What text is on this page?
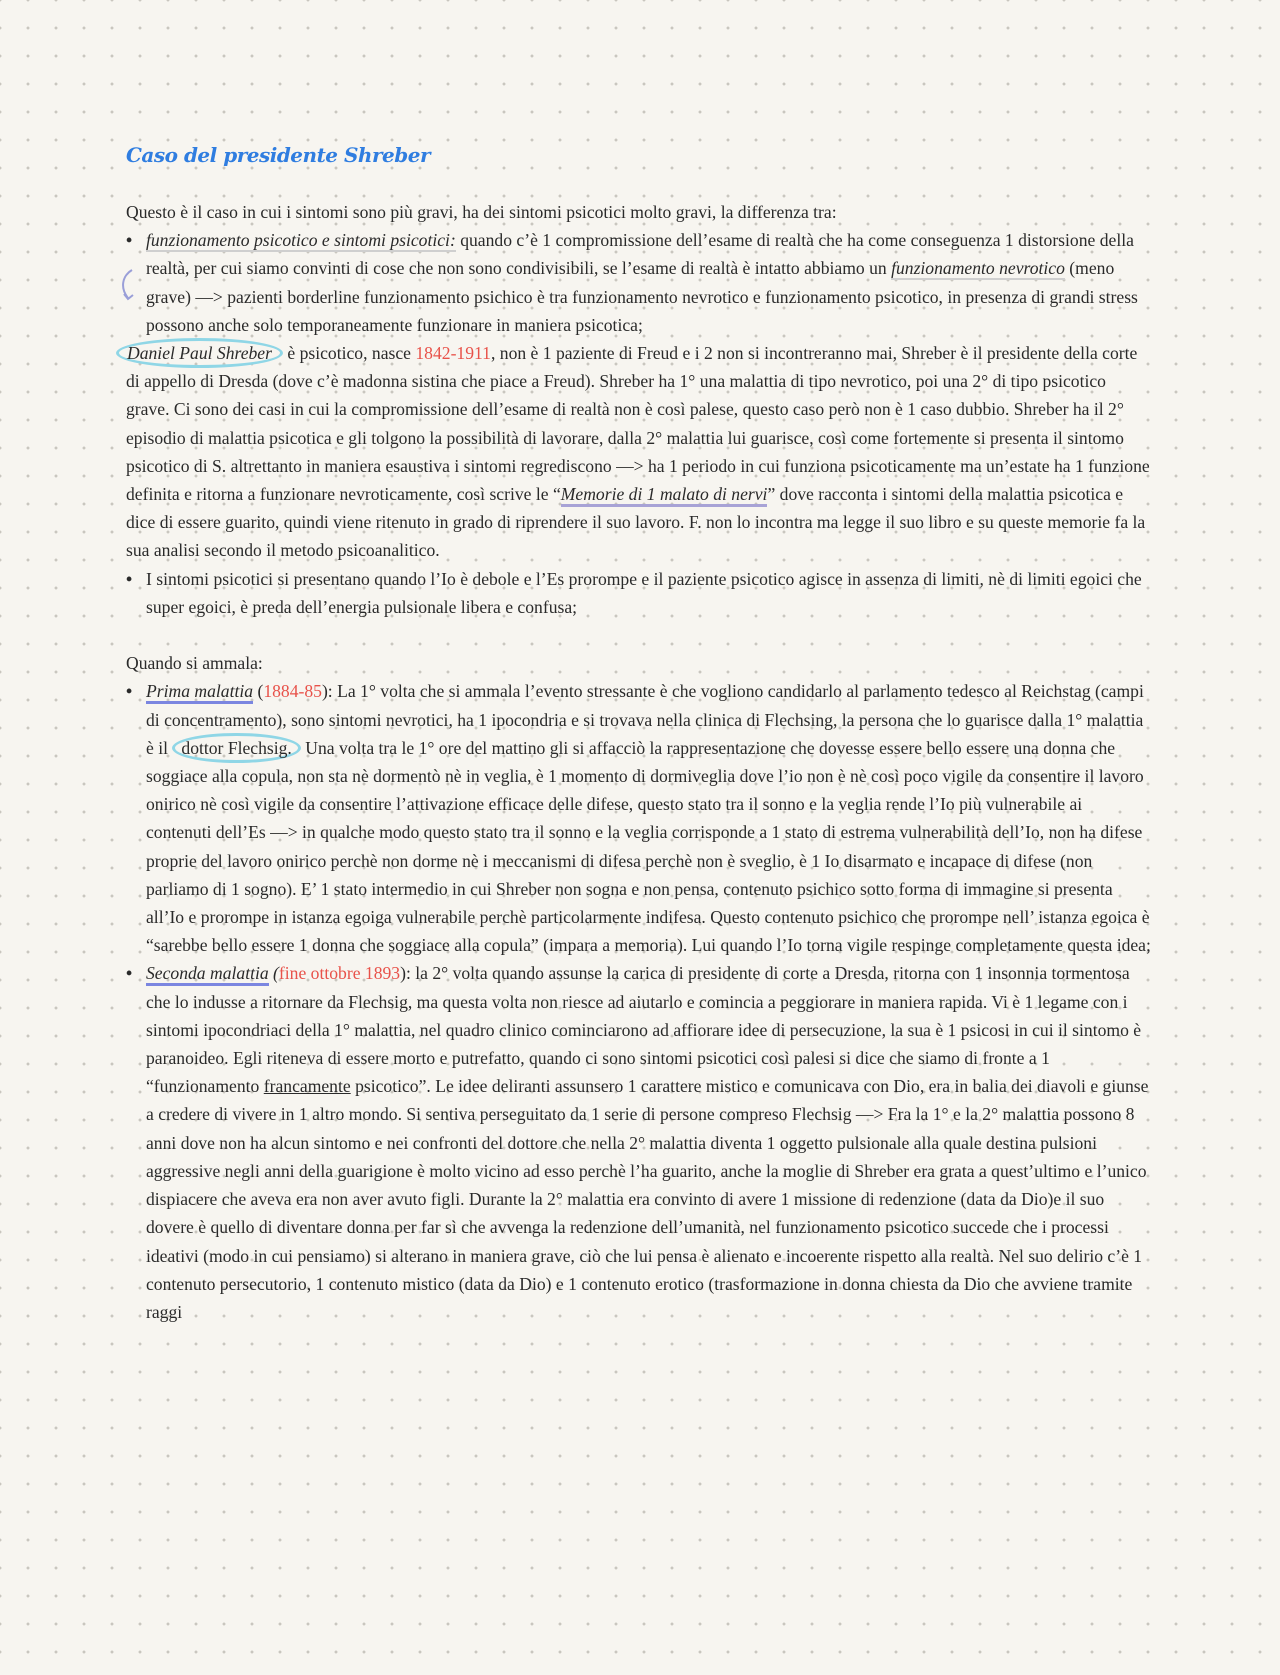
Caso del presidente Shreber

Questo è il caso in cui i sintomi sono più gravi, ha dei sintomi psicotici molto gravi, la differenza tra:

• funzionamento psicotico e sintomi psicotici: quando c’è 1 compromissione dell’esame di realtà che ha come conseguenza 1 distorsione della realtà, per cui siamo convinti di cose che non sono condivisibili, se l’esame di realtà è intatto abbiamo un funzionamento nevrotico (meno grave) —> pazienti borderline funzionamento psichico è tra funzionamento nevrotico e funzionamento psicotico, in presenza di grandi stress possono anche solo temporaneamente funzionare in maniera psicotica;

Daniel Paul Shreber è psicotico, nasce 1842-1911, non è 1 paziente di Freud e i 2 non si incontreranno mai, Shreber è il presidente della corte di appello di Dresda (dove c’è madonna sistina che piace a Freud). Shreber ha 1° una malattia di tipo nevrotico, poi una 2° di tipo psicotico grave. Ci sono dei casi in cui la compromissione dell’esame di realtà non è così palese, questo caso però non è 1 caso dubbio. Shreber ha il 2° episodio di malattia psicotica e gli tolgono la possibilità di lavorare, dalla 2° malattia lui guarisce, così come fortemente si presenta il sintomo psicotico di S. altrettanto in maniera esaustiva i sintomi regrediscono —> ha 1 periodo in cui funziona psicoticamente ma un’estate ha 1 funzione definita e ritorna a funzionare nevroticamente, così scrive le “Memorie di 1 malato di nervi” dove racconta i sintomi della malattia psicotica e dice di essere guarito, quindi viene ritenuto in grado di riprendere il suo lavoro. F. non lo incontra ma legge il suo libro e su queste memorie fa la sua analisi secondo il metodo psicoanalitico.

• I sintomi psicotici si presentano quando l’Io è debole e l’Es prorompe e il paziente psicotico agisce in assenza di limiti, nè di limiti egoici che super egoici, è preda dell’energia pulsionale libera e confusa;

Quando si ammala:

• Prima malattia (1884-85): La 1° volta che si ammala l’evento stressante è che vogliono candidarlo al parlamento tedesco al Reichstag (campi di concentramento), sono sintomi nevrotici, ha 1 ipocondria e si trovava nella clinica di Flechsing, la persona che lo guarisce dalla 1° malattia è il dottor Flechsig. Una volta tra le 1° ore del mattino gli si affacciò la rappresentazione che dovesse essere bello essere una donna che soggiace alla copula, non sta nè dormentò nè in veglia, è 1 momento di dormiveglia dove l’io non è nè così poco vigile da consentire il lavoro onirico nè così vigile da consentire l’attivazione efficace delle difese, questo stato tra il sonno e la veglia rende l’Io più vulnerabile ai contenuti dell’Es —> in qualche modo questo stato tra il sonno e la veglia corrisponde a 1 stato di estrema vulnerabilità dell’Io, non ha difese proprie del lavoro onirico perchè non dorme nè i meccanismi di difesa perchè non è sveglio, è 1 Io disarmato e incapace di difese (non parliamo di 1 sogno). E’ 1 stato intermedio in cui Shreber non sogna e non pensa, contenuto psichico sotto forma di immagine si presenta all’Io e prorompe in istanza egoiga vulnerabile perchè particolarmente indifesa. Questo contenuto psichico che prorompe nell’ istanza egoica è “sarebbe bello essere 1 donna che soggiace alla copula” (impara a memoria). Lui quando l’Io torna vigile respinge completamente questa idea;

• Seconda malattia (fine ottobre 1893): la 2° volta quando assunse la carica di presidente di corte a Dresda, ritorna con 1 insonnia tormentosa che lo indusse a ritornare da Flechsig, ma questa volta non riesce ad aiutarlo e comincia a peggiorare in maniera rapida. Vi è 1 legame con i sintomi ipocondriaci della 1° malattia, nel quadro clinico cominciarono ad affiorare idee di persecuzione, la sua è 1 psicosi in cui il sintomo è paranoideo. Egli riteneva di essere morto e putrefatto, quando ci sono sintomi psicotici così palesi si dice che siamo di fronte a 1 “funzionamento francamente psicotico”. Le idee deliranti assunsero 1 carattere mistico e comunicava con Dio, era in balia dei diavoli e giunse a credere di vivere in 1 altro mondo. Si sentiva perseguitato da 1 serie di persone compreso Flechsig —> Fra la 1° e la 2° malattia possono 8 anni dove non ha alcun sintomo e nei confronti del dottore che nella 2° malattia diventa 1 oggetto pulsionale alla quale destina pulsioni aggressive negli anni della guarigione è molto vicino ad esso perchè l’ha guarito, anche la moglie di Shreber era grata a quest’ultimo e l’unico dispiacere che aveva era non aver avuto figli. Durante la 2° malattia era convinto di avere 1 missione di redenzione (data da Dio)e il suo dovere è quello di diventare donna per far sì che avvenga la redenzione dell’umanità, nel funzionamento psicotico succede che i processi ideativi (modo in cui pensiamo) si alterano in maniera grave, ciò che lui pensa è alienato e incoerente rispetto alla realtà. Nel suo delirio c’è 1 contenuto persecutorio, 1 contenuto mistico (data da Dio) e 1 contenuto erotico (trasformazione in donna chiesta da Dio che avviene tramite raggi
